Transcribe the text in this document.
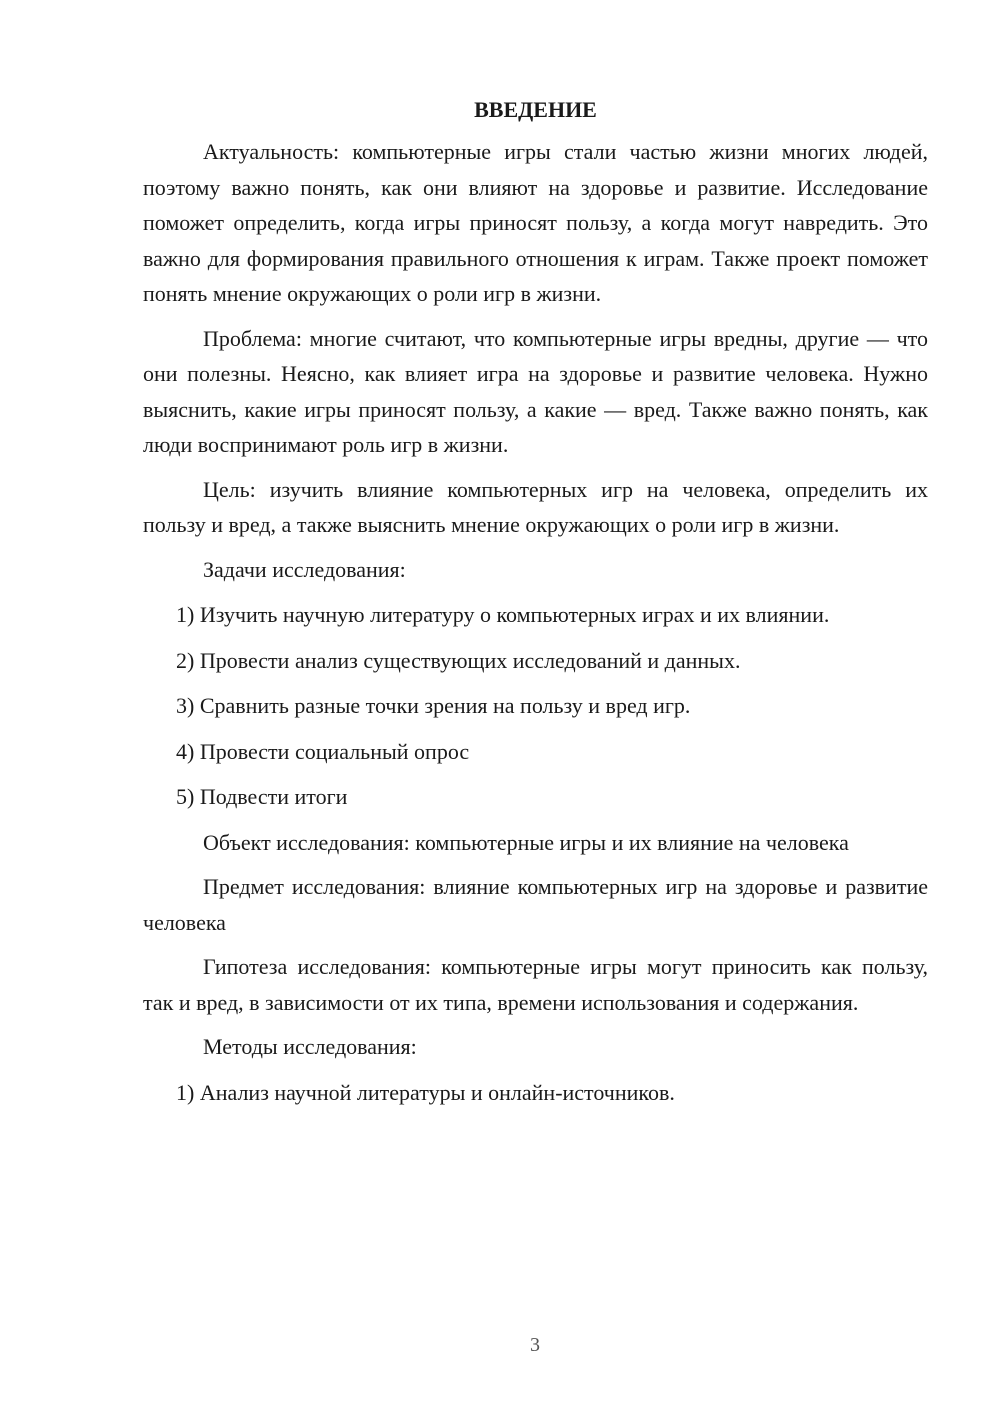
ВВЕДЕНИЕ

Актуальность: компьютерные игры стали частью жизни многих людей, поэтому важно понять, как они влияют на здоровье и развитие. Исследование поможет определить, когда игры приносят пользу, а когда могут навредить. Это важно для формирования правильного отношения к играм. Также проект поможет понять мнение окружающих о роли игр в жизни.

Проблема: многие считают, что компьютерные игры вредны, другие — что они полезны. Неясно, как влияет игра на здоровье и развитие человека. Нужно выяснить, какие игры приносят пользу, а какие — вред. Также важно понять, как люди воспринимают роль игр в жизни.

Цель: изучить влияние компьютерных игр на человека, определить их пользу и вред, а также выяснить мнение окружающих о роли игр в жизни.

Задачи исследования:

1) Изучить научную литературу о компьютерных играх и их влиянии.

2) Провести анализ существующих исследований и данных.

3) Сравнить разные точки зрения на пользу и вред игр.

4) Провести социальный опрос

5) Подвести итоги

Объект исследования: компьютерные игры и их влияние на человека

Предмет исследования: влияние компьютерных игр на здоровье и развитие человека

Гипотеза исследования: компьютерные игры могут приносить как пользу, так и вред, в зависимости от их типа, времени использования и содержания.

Методы исследования:

1) Анализ научной литературы и онлайн-источников.

3
